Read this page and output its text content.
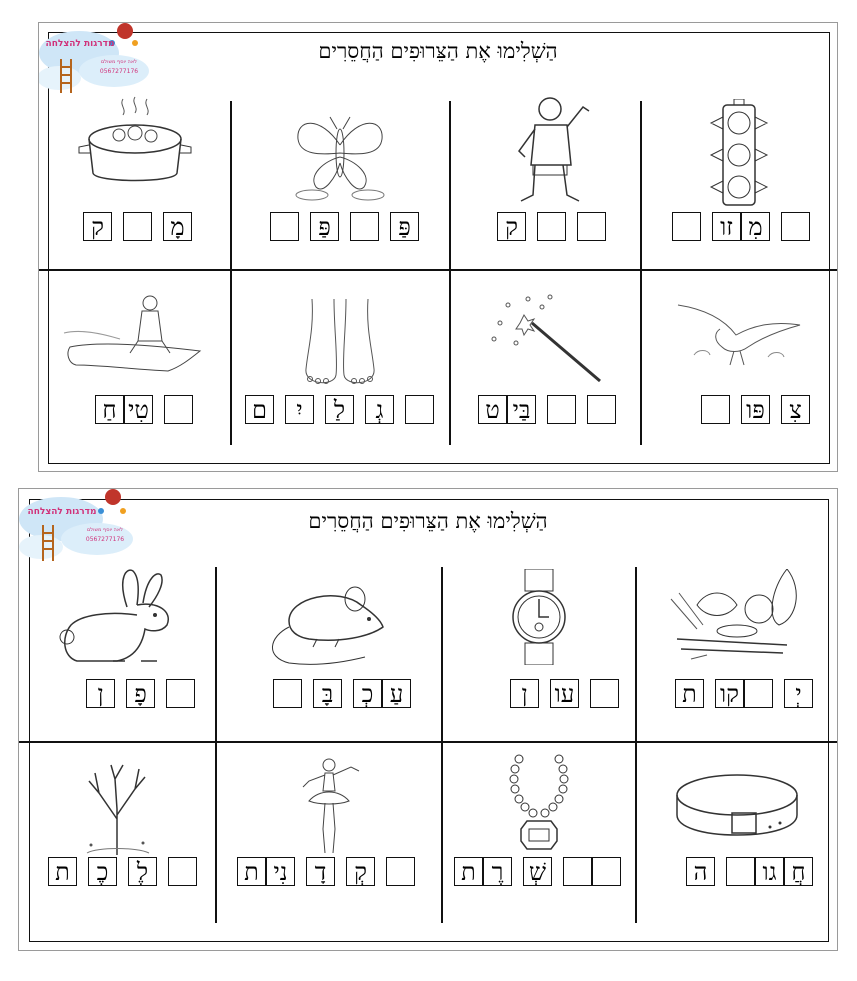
הַשְׁלִימוּ אֶת הַצֵּרוּפִים הַחֲסֵרִים
מדרגות להצלחה
לאה יוסף משולם
0567277176
מִ
זו
ק
פַּ
פַּ
מָ
ק
צִ
פּו
בַּי
ט
גְ
לַ
יִ
ם
טִי
חַ
הַשְׁלִימוּ אֶת הַצֵּרוּפִים הַחֲסֵרִים
מדרגות להצלחה
לאה יוסף משולם
0567277176
יְ
קו
ת
עו
ן
עַ
כְ
בָּ
פָ
ן
חֲ
גו
ה
שְׁ
רֶ
ת
קְ
דָ
נִי
ת
לֶ
כֶ
ת
